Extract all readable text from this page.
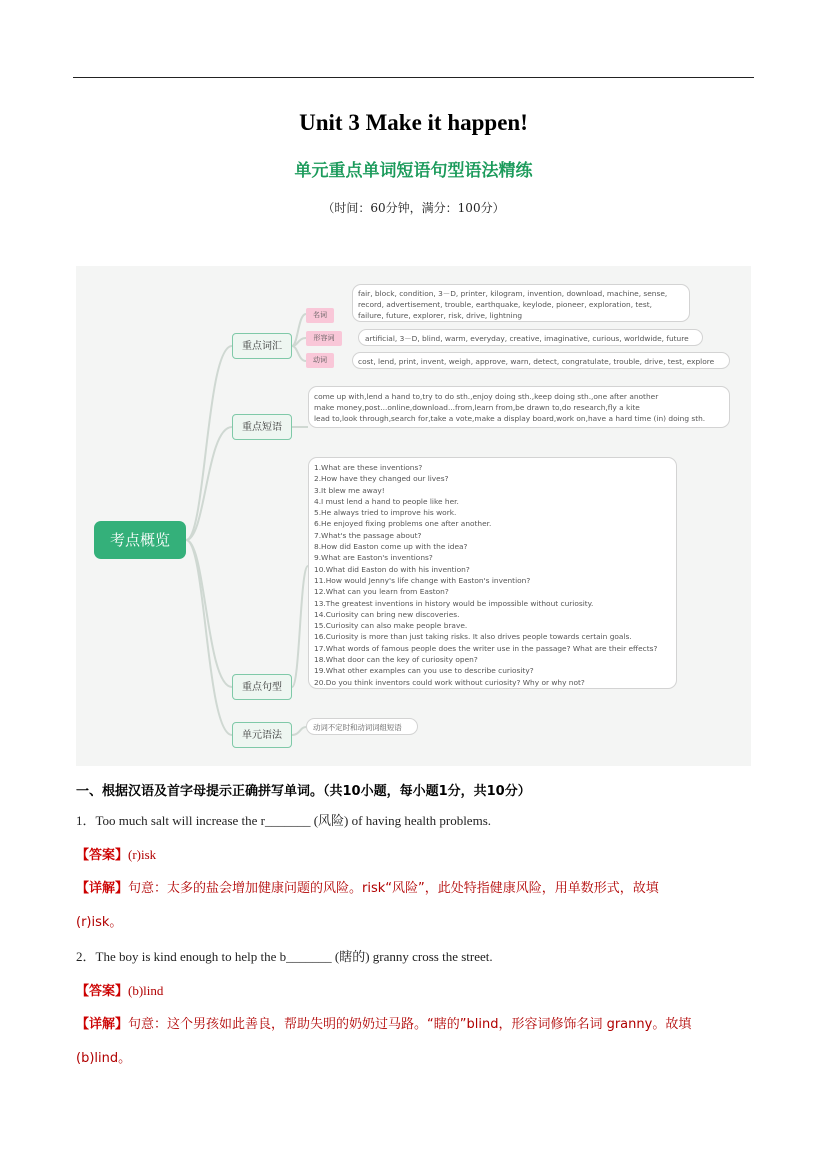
Unit 3 Make it happen!
单元重点单词短语句型语法精练
（时间：60分钟，满分：100分）
考点概览
重点词汇
重点短语
重点句型
单元语法
名词
fair, block, condition, 3－D, printer, kilogram, invention, download, machine, sense,
record, advertisement, trouble, earthquake, keylode, pioneer, exploration, test,
failure, future, explorer, risk, drive, lightning
形容词	artificial, 3－D, blind, warm, everyday, creative, imaginative, curious, worldwide, future
动词	cost, lend, print, invent, weigh, approve, warn, detect, congratulate, trouble, drive, test, explore
come up with,lend a hand to,try to do sth.,enjoy doing sth.,keep doing sth.,one after another
make money,post...online,download...from,learn from,be drawn to,do research,fly a kite
lead to,look through,search for,take a vote,make a display board,work on,have a hard time (in) doing sth.
1.What are these inventions?
2.How have they changed our lives?
3.It blew me away!
4.I must lend a hand to people like her.
5.He always tried to improve his work.
6.He enjoyed fixing problems one after another.
7.What's the passage about?
8.How did Easton come up with the idea?
9.What are Easton's inventions?
10.What did Easton do with his invention?
11.How would Jenny's life change with Easton's invention?
12.What can you learn from Easton?
13.The greatest inventions in history would be impossible without curiosity.
14.Curiosity can bring new discoveries.
15.Curiosity can also make people brave.
16.Curiosity is more than just taking risks. It also drives people towards certain goals.
17.What words of famous people does the writer use in the passage? What are their effects?
18.What door can the key of curiosity open?
19.What other examples can you use to describe curiosity?
20.Do you think inventors could work without curiosity? Why or why not?
动词不定时和动词词组短语
一、根据汉语及首字母提示正确拼写单词。（共10小题，每小题1分，共10分）
1．Too much salt will increase the r_______ (风险) of having health problems.
【答案】(r)isk
【详解】句意：太多的盐会增加健康问题的风险。risk“风险”，此处特指健康风险，用单数形式，故填
(r)isk。
2．The boy is kind enough to help the b_______ (瞎的) granny cross the street.
【答案】(b)lind
【详解】句意：这个男孩如此善良，帮助失明的奶奶过马路。“瞎的”blind，形容词修饰名词 granny。故填
(b)lind。
